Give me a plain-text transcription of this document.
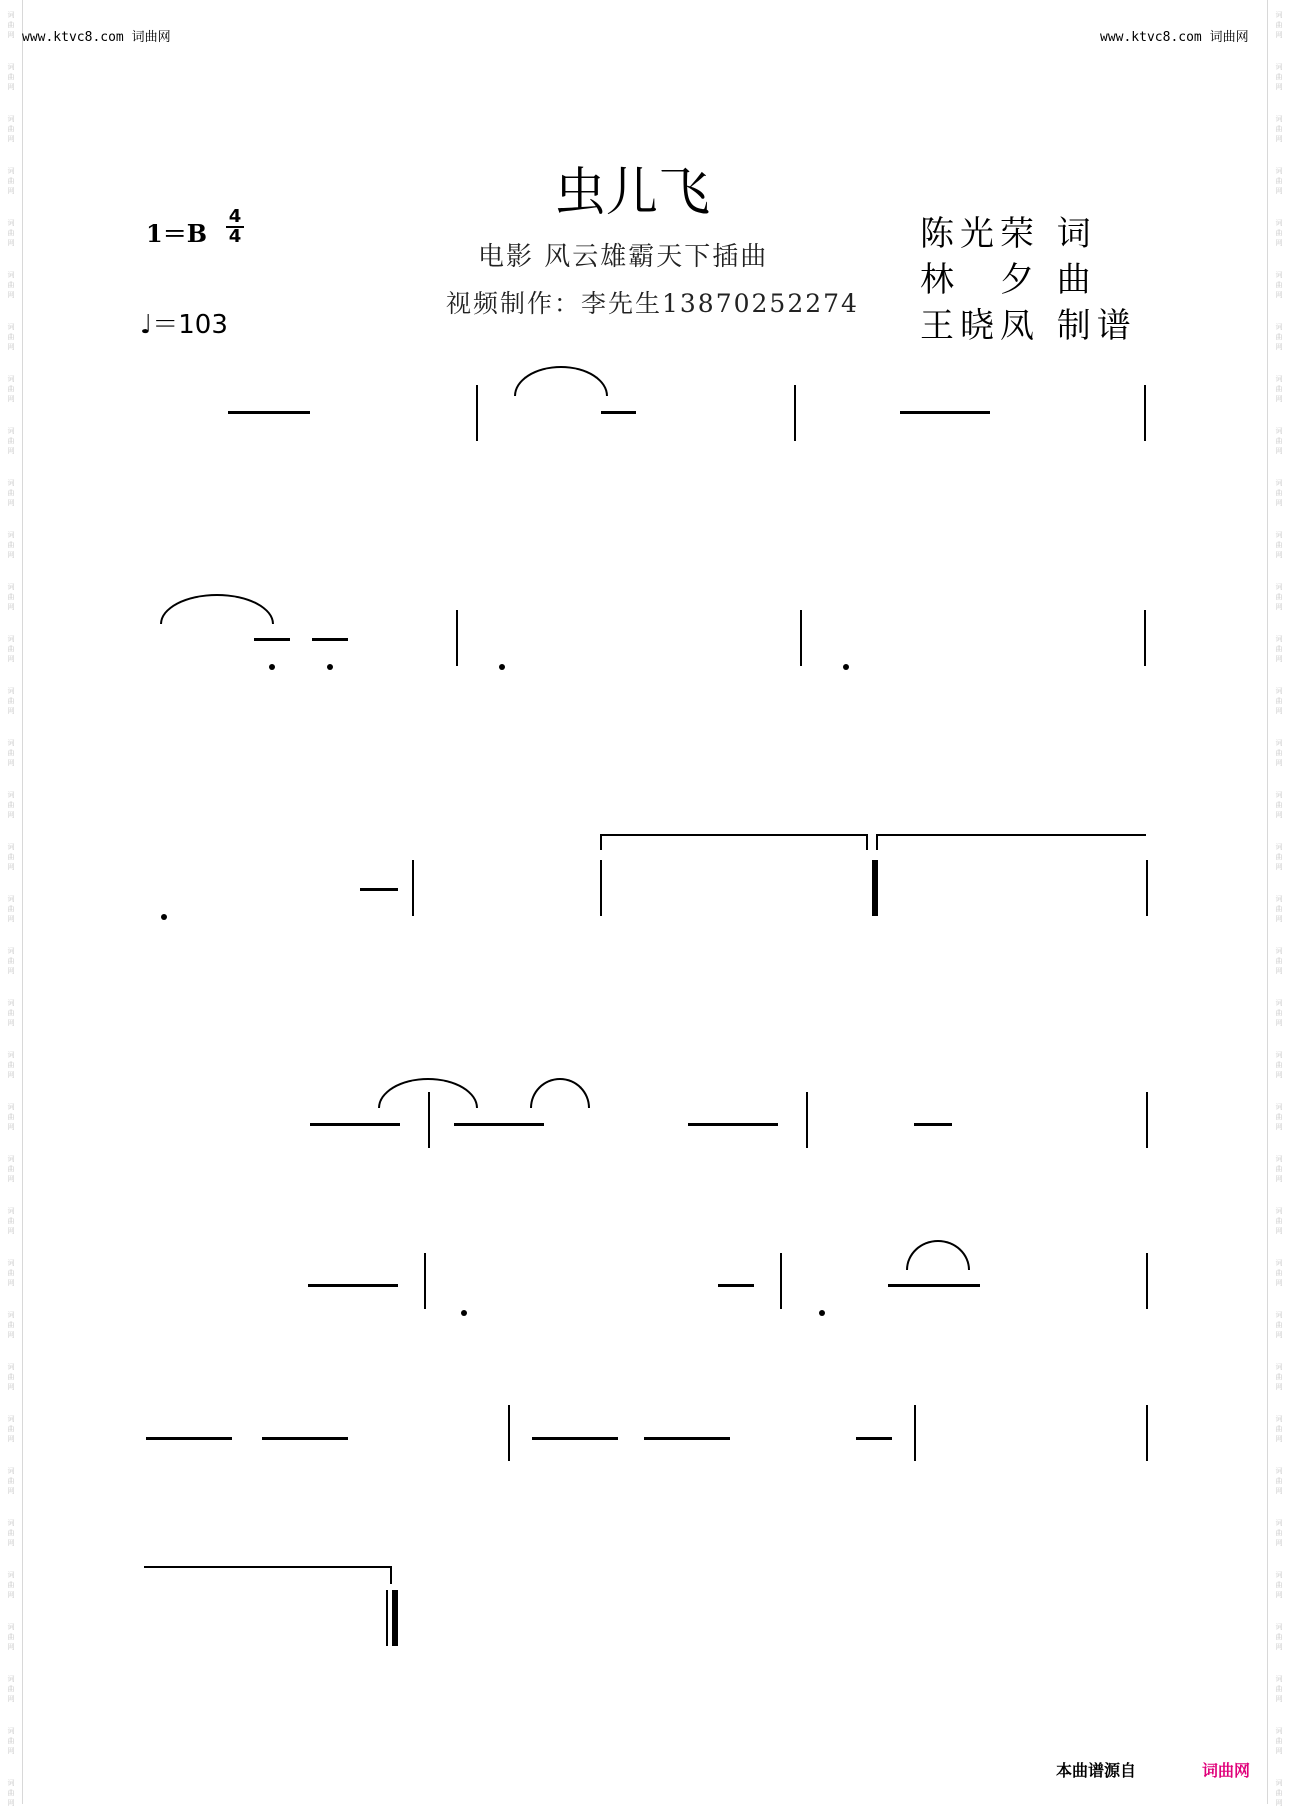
词
曲
网
词
曲
网
词
曲
网
词
曲
网
词
曲
网
词
曲
网
词
曲
网
词
曲
网
词
曲
网
词
曲
网
词
曲
网
词
曲
网
词
曲
网
词
曲
网
词
曲
网
词
曲
网
词
曲
网
词
曲
网
词
曲
网
词
曲
网
词
曲
网
词
曲
网
词
曲
网
词
曲
网
词
曲
网
词
曲
网
词
曲
网
词
曲
网
词
曲
网
词
曲
网
词
曲
网
词
曲
网
词
曲
网
词
曲
网
词
曲
网
词
曲
网
词
曲
网
词
曲
网
词
曲
网
词
曲
网
词
曲
网
词
曲
网
词
曲
网
词
曲
网
词
曲
网
词
曲
网
词
曲
网
词
曲
网
词
曲
网
词
曲
网
词
曲
网
词
曲
网
词
曲
网
词
曲
网
词
曲
网
词
曲
网
词
曲
网
词
曲
网
词
曲
网
词
曲
网
词
曲
网
词
曲
网
词
曲
网
词
曲
网
词
曲
网
词
曲
网
词
曲
网
词
曲
网
词
曲
网
词
曲
网
www.ktvc8.com 词曲网	www.ktvc8.com 词曲网
虫儿飞
电影 风云雄霸天下插曲
视频制作：李先生13870252274
陈光荣 词
林　夕 曲
王晓凤 制谱
$1=B \frac{4}{4}$
♩＝103
本曲谱源自	词曲网
